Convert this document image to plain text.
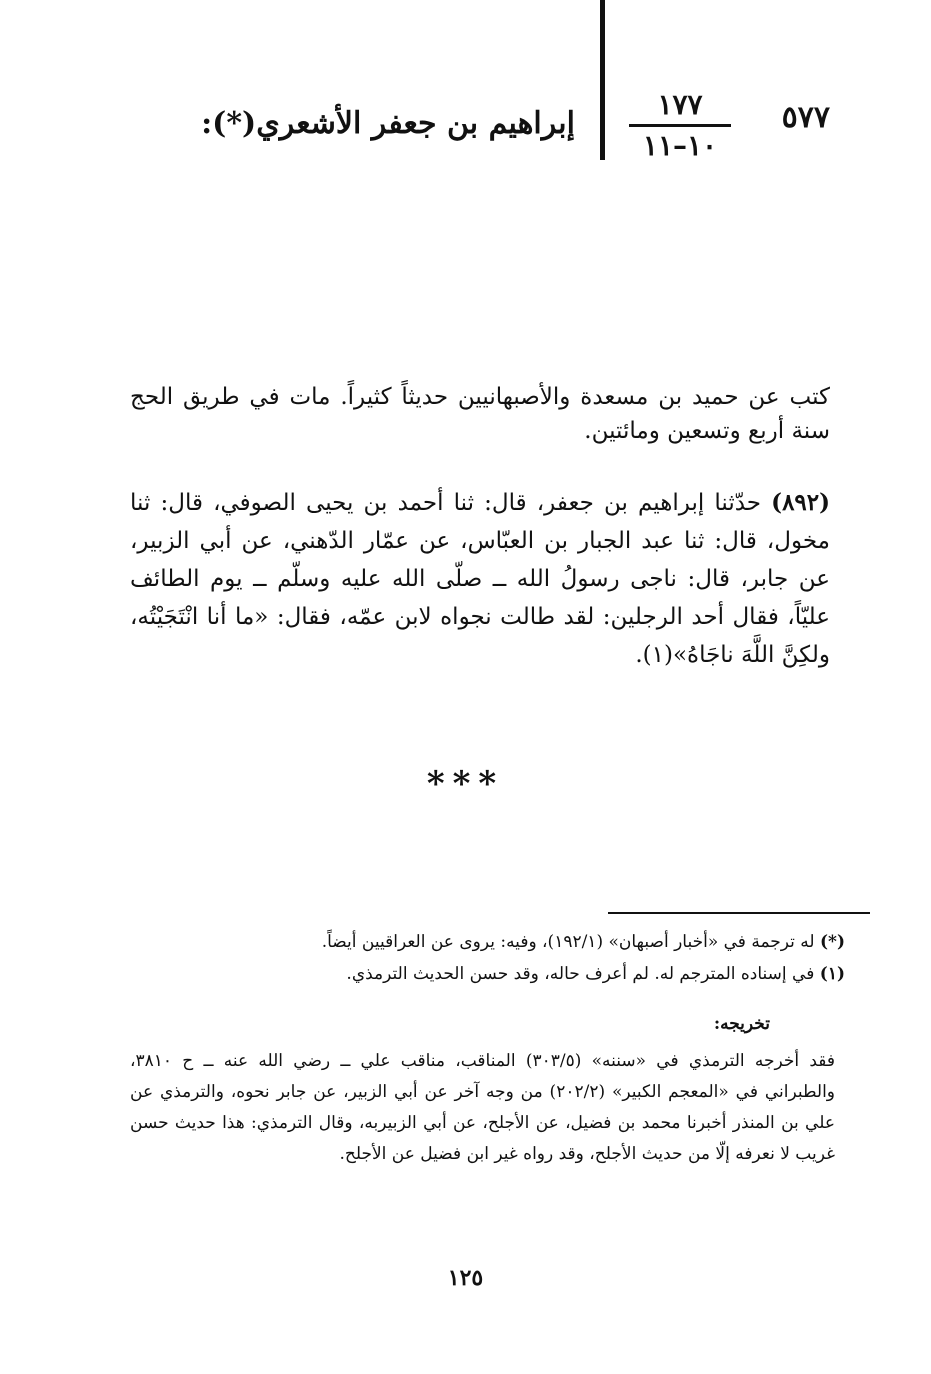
٥٧٧
١٧٧
١٠–١١
إبراهيم بن جعفر الأشعري(*):

كتب عن حميد بن مسعدة والأصبهانيين حديثاً كثيراً. مات في طريق الحج سنة أربع وتسعين ومائتين.

(٨٩٢) حدّثنا إبراهيم بن جعفر، قال: ثنا أحمد بن يحيى الصوفي، قال: ثنا مخول، قال: ثنا عبد الجبار بن العبّاس، عن عمّار الدّهني، عن أبي الزبير، عن جابر، قال: ناجى رسولُ الله ــ صلّى الله عليه وسلّم ــ يوم الطائف عليّاً، فقال أحد الرجلين: لقد طالت نجواه لابن عمّه، فقال: «ما أنا انْتَجَيْتُه، ولكِنَّ اللَّهَ ناجَاهُ»(١).

***
(*) له ترجمة في «أخبار أصبهان» (١٩٢/١)، وفيه: يروى عن العراقيين أيضاً.
(١) في إسناده المترجم له. لم أعرف حاله، وقد حسن الحديث الترمذي.
تخريجه:

فقد أخرجه الترمذي في «سننه» (٣٠٣/٥) المناقب، مناقب علي ــ رضي الله عنه ــ ح ٣٨١٠، والطبراني في «المعجم الكبير» (٢٠٢/٢) من وجه آخر عن أبي الزبير، عن جابر نحوه، والترمذي عن علي بن المنذر أخبرنا محمد بن فضيل، عن الأجلح، عن أبي الزبيربه، وقال الترمذي: هذا حديث حسن غريب لا نعرفه إلّا من حديث الأجلح، وقد رواه غير ابن فضيل عن الأجلح.

١٢٥
